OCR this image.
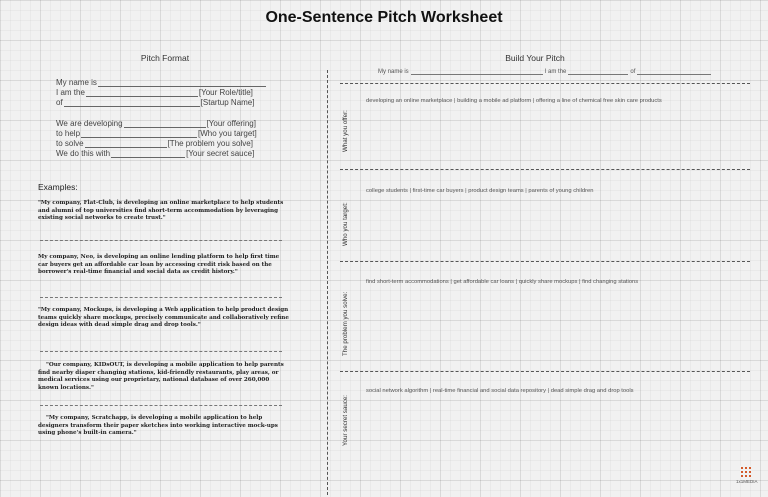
One-Sentence Pitch Worksheet
Pitch Format
My name is
I am the	[Your Role/title]
of	[Startup Name]
We are developing	[Your offering]
to help	[Who you target]
to solve	[The problem you solve]
We do this with	[Your secret sauce]
Examples:
"My company, Flat-Club, is developing an online marketplace to help students and alumni of top universities find short-term accommodation by leveraging existing social networks to create trust."
My company, Neo, is developing an online lending platform to help first time car buyers get an affordable car loan by accessing credit risk based on the borrower's real-time financial and social data as credit history."
"My company, Mockups, is developing a Web application to help product design teams quickly share mockups, precisely communicate and collaboratively refine design ideas with dead simple drag and drop tools."
"Our company, KIDsOUT, is developing a mobile application to help parents find nearby diaper changing stations, kid-friendly restaurants, play areas, or medical services using our proprietary, national database of over 260,000 known locations."
"My company, Scratchapp, is developing a mobile application to help designers transform their paper sketches into working interactive mock-ups using phone's built-in camera."
Build Your Pitch
My name is	I am the	of
What you offer:
developing an online marketplace | building a mobile ad platform | offering a line of chemical free skin care products
Who you target:
college students | first-time car buyers | product design teams | parents of young children
The problem you solve:
find short-term accommodations | get affordable car loans | quickly share mockups | find changing stations
Your secret sauce:
social network algorithm | real-time financial and social data repository | dead simple drag and drop tools
1x1MEDIA
